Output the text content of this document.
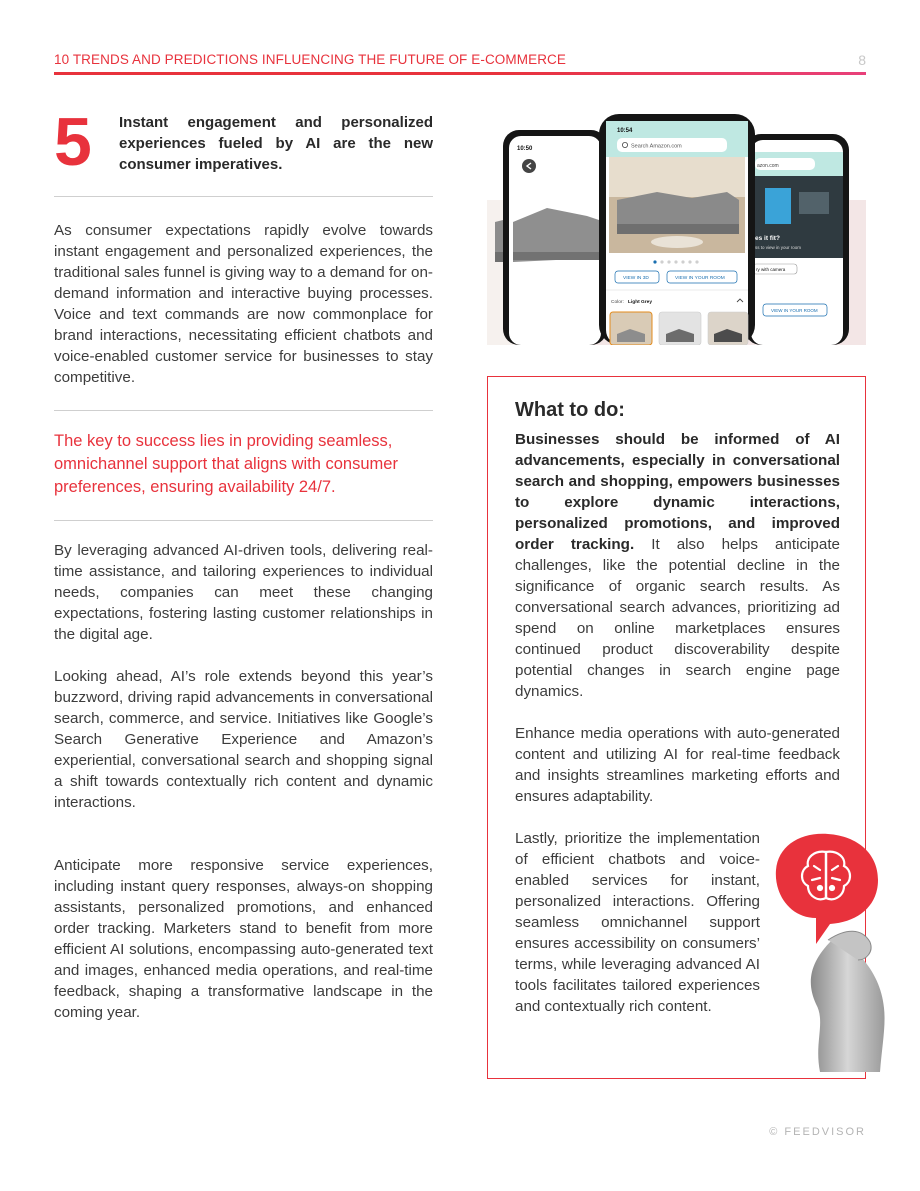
10 TRENDS AND PREDICTIONS INFLUENCING THE FUTURE OF E-COMMERCE	8
5 Instant engagement and personalized experiences fueled by AI are the new consumer imperatives.
As consumer expectations rapidly evolve towards instant engagement and personalized experiences, the traditional sales funnel is giving way to a demand for on-demand information and interactive buying processes. Voice and text commands are now commonplace for brand interactions, necessitating efficient chatbots and voice-enabled customer service for businesses to stay competitive.
The key to success lies in providing seamless, omnichannel support that aligns with consumer preferences, ensuring availability 24/7.
By leveraging advanced AI-driven tools, delivering real-time assistance, and tailoring experiences to individual needs, companies can meet these changing expectations, fostering lasting customer relationships in the digital age.
Looking ahead, AI’s role extends beyond this year’s buzzword, driving rapid advancements in conversational search, commerce, and service. Initiatives like Google’s Search Generative Experience and Amazon’s experiential, conversational search and shopping signal a shift towards contextually rich content and dynamic interactions.
Anticipate more responsive service experiences, including instant query responses, always-on shopping assistants, personalized promotions, and enhanced order tracking. Marketers stand to benefit from more efficient AI solutions, encompassing auto-generated text and images, enhanced media operations, and real-time feedback, shaping a transformative landscape in the coming year.
10:50
azon.com
es it fit?
ss to view in your room
ry with camera
VIEW IN YOUR ROOM
10:54
Search Amazon.com
VIEW IN 3D	VIEW IN YOUR ROOM
Color: Light Grey
What to do:
Businesses should be informed of AI advancements, especially in conversational search and shopping, empowers businesses to explore dynamic interactions, personalized promotions, and improved order tracking. It also helps anticipate challenges, like the potential decline in the significance of organic search results. As conversational search advances, prioritizing ad spend on online marketplaces ensures continued product discoverability despite potential changes in search engine page dynamics.
Enhance media operations with auto-generated content and utilizing AI for real-time feedback and insights streamlines marketing efforts and ensures adaptability.
Lastly, prioritize the implementation of efficient chatbots and voice-enabled services for instant, personalized interactions. Offering seamless omnichannel support ensures accessibility on consumers’ terms, while leveraging advanced AI tools facilitates tailored experiences and contextually rich content.
© FEEDVISOR
